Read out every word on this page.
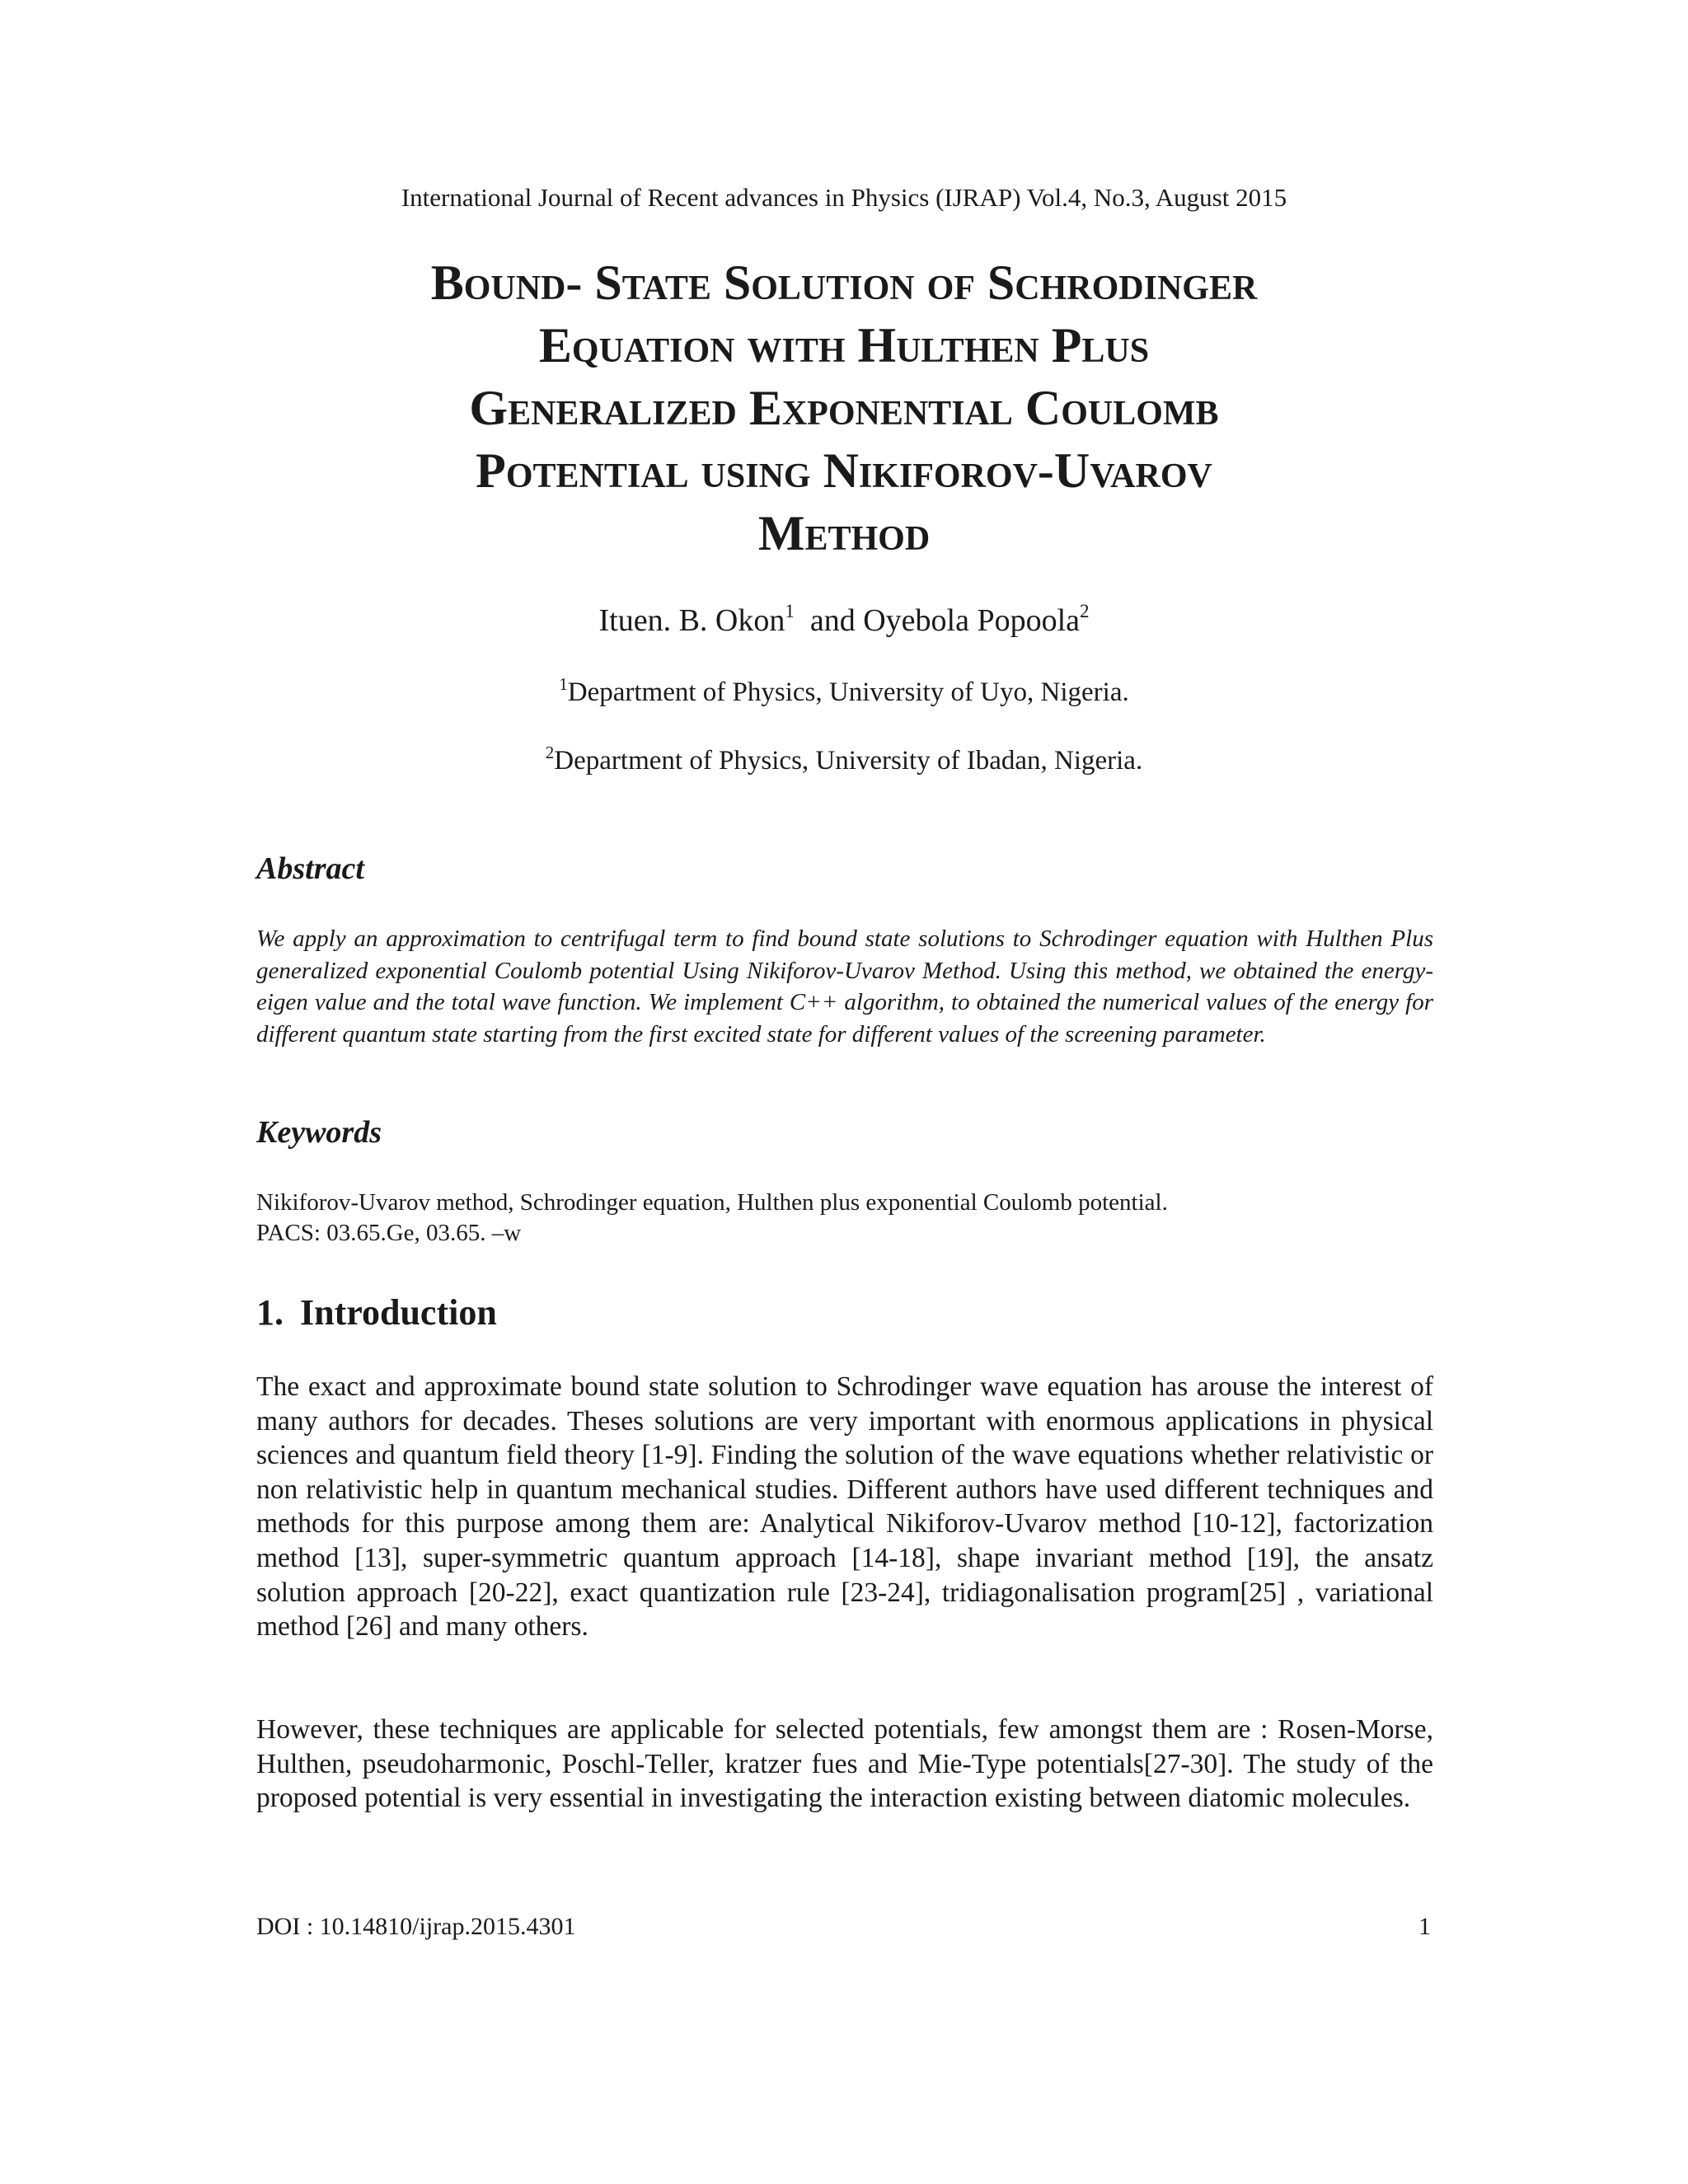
International Journal of Recent advances in Physics (IJRAP) Vol.4, No.3, August 2015
Bound- State Solution of Schrodinger
Equation with Hulthen Plus
Generalized Exponential Coulomb
Potential using Nikiforov-Uvarov
Method
Ituen. B. Okon$^1$ and Oyebola Popoola$^2$
$^1$Department of Physics, University of Uyo, Nigeria.
$^2$Department of Physics, University of Ibadan, Nigeria.
Abstract

We apply an approximation to centrifugal term to find bound state solutions to Schrodinger equation with Hulthen Plus generalized exponential Coulomb potential Using Nikiforov-Uvarov Method. Using this method, we obtained the energy-eigen value and the total wave function. We implement C++ algorithm, to obtained the numerical values of the energy for different quantum state starting from the first excited state for different values of the screening parameter.

Keywords

Nikiforov-Uvarov method, Schrodinger equation, Hulthen plus exponential Coulomb potential.

PACS: 03.65.Ge, 03.65. –w

1. Introduction

The exact and approximate bound state solution to Schrodinger wave equation has arouse the interest of many authors for decades. Theses solutions are very important with enormous applications in physical sciences and quantum field theory [1-9]. Finding the solution of the wave equations whether relativistic or non relativistic help in quantum mechanical studies. Different authors have used different techniques and methods for this purpose among them are: Analytical Nikiforov-Uvarov method [10-12], factorization method [13], super-symmetric quantum approach [14-18], shape invariant method [19], the ansatz solution approach [20-22], exact quantization rule [23-24], tridiagonalisation program[25] , variational method [26] and many others.

However, these techniques are applicable for selected potentials, few amongst them are : Rosen-Morse, Hulthen, pseudoharmonic, Poschl-Teller, kratzer fues and Mie-Type potentials[27-30]. The study of the proposed potential is very essential in investigating the interaction existing between diatomic molecules.

DOI : 10.14810/ijrap.2015.4301	1
